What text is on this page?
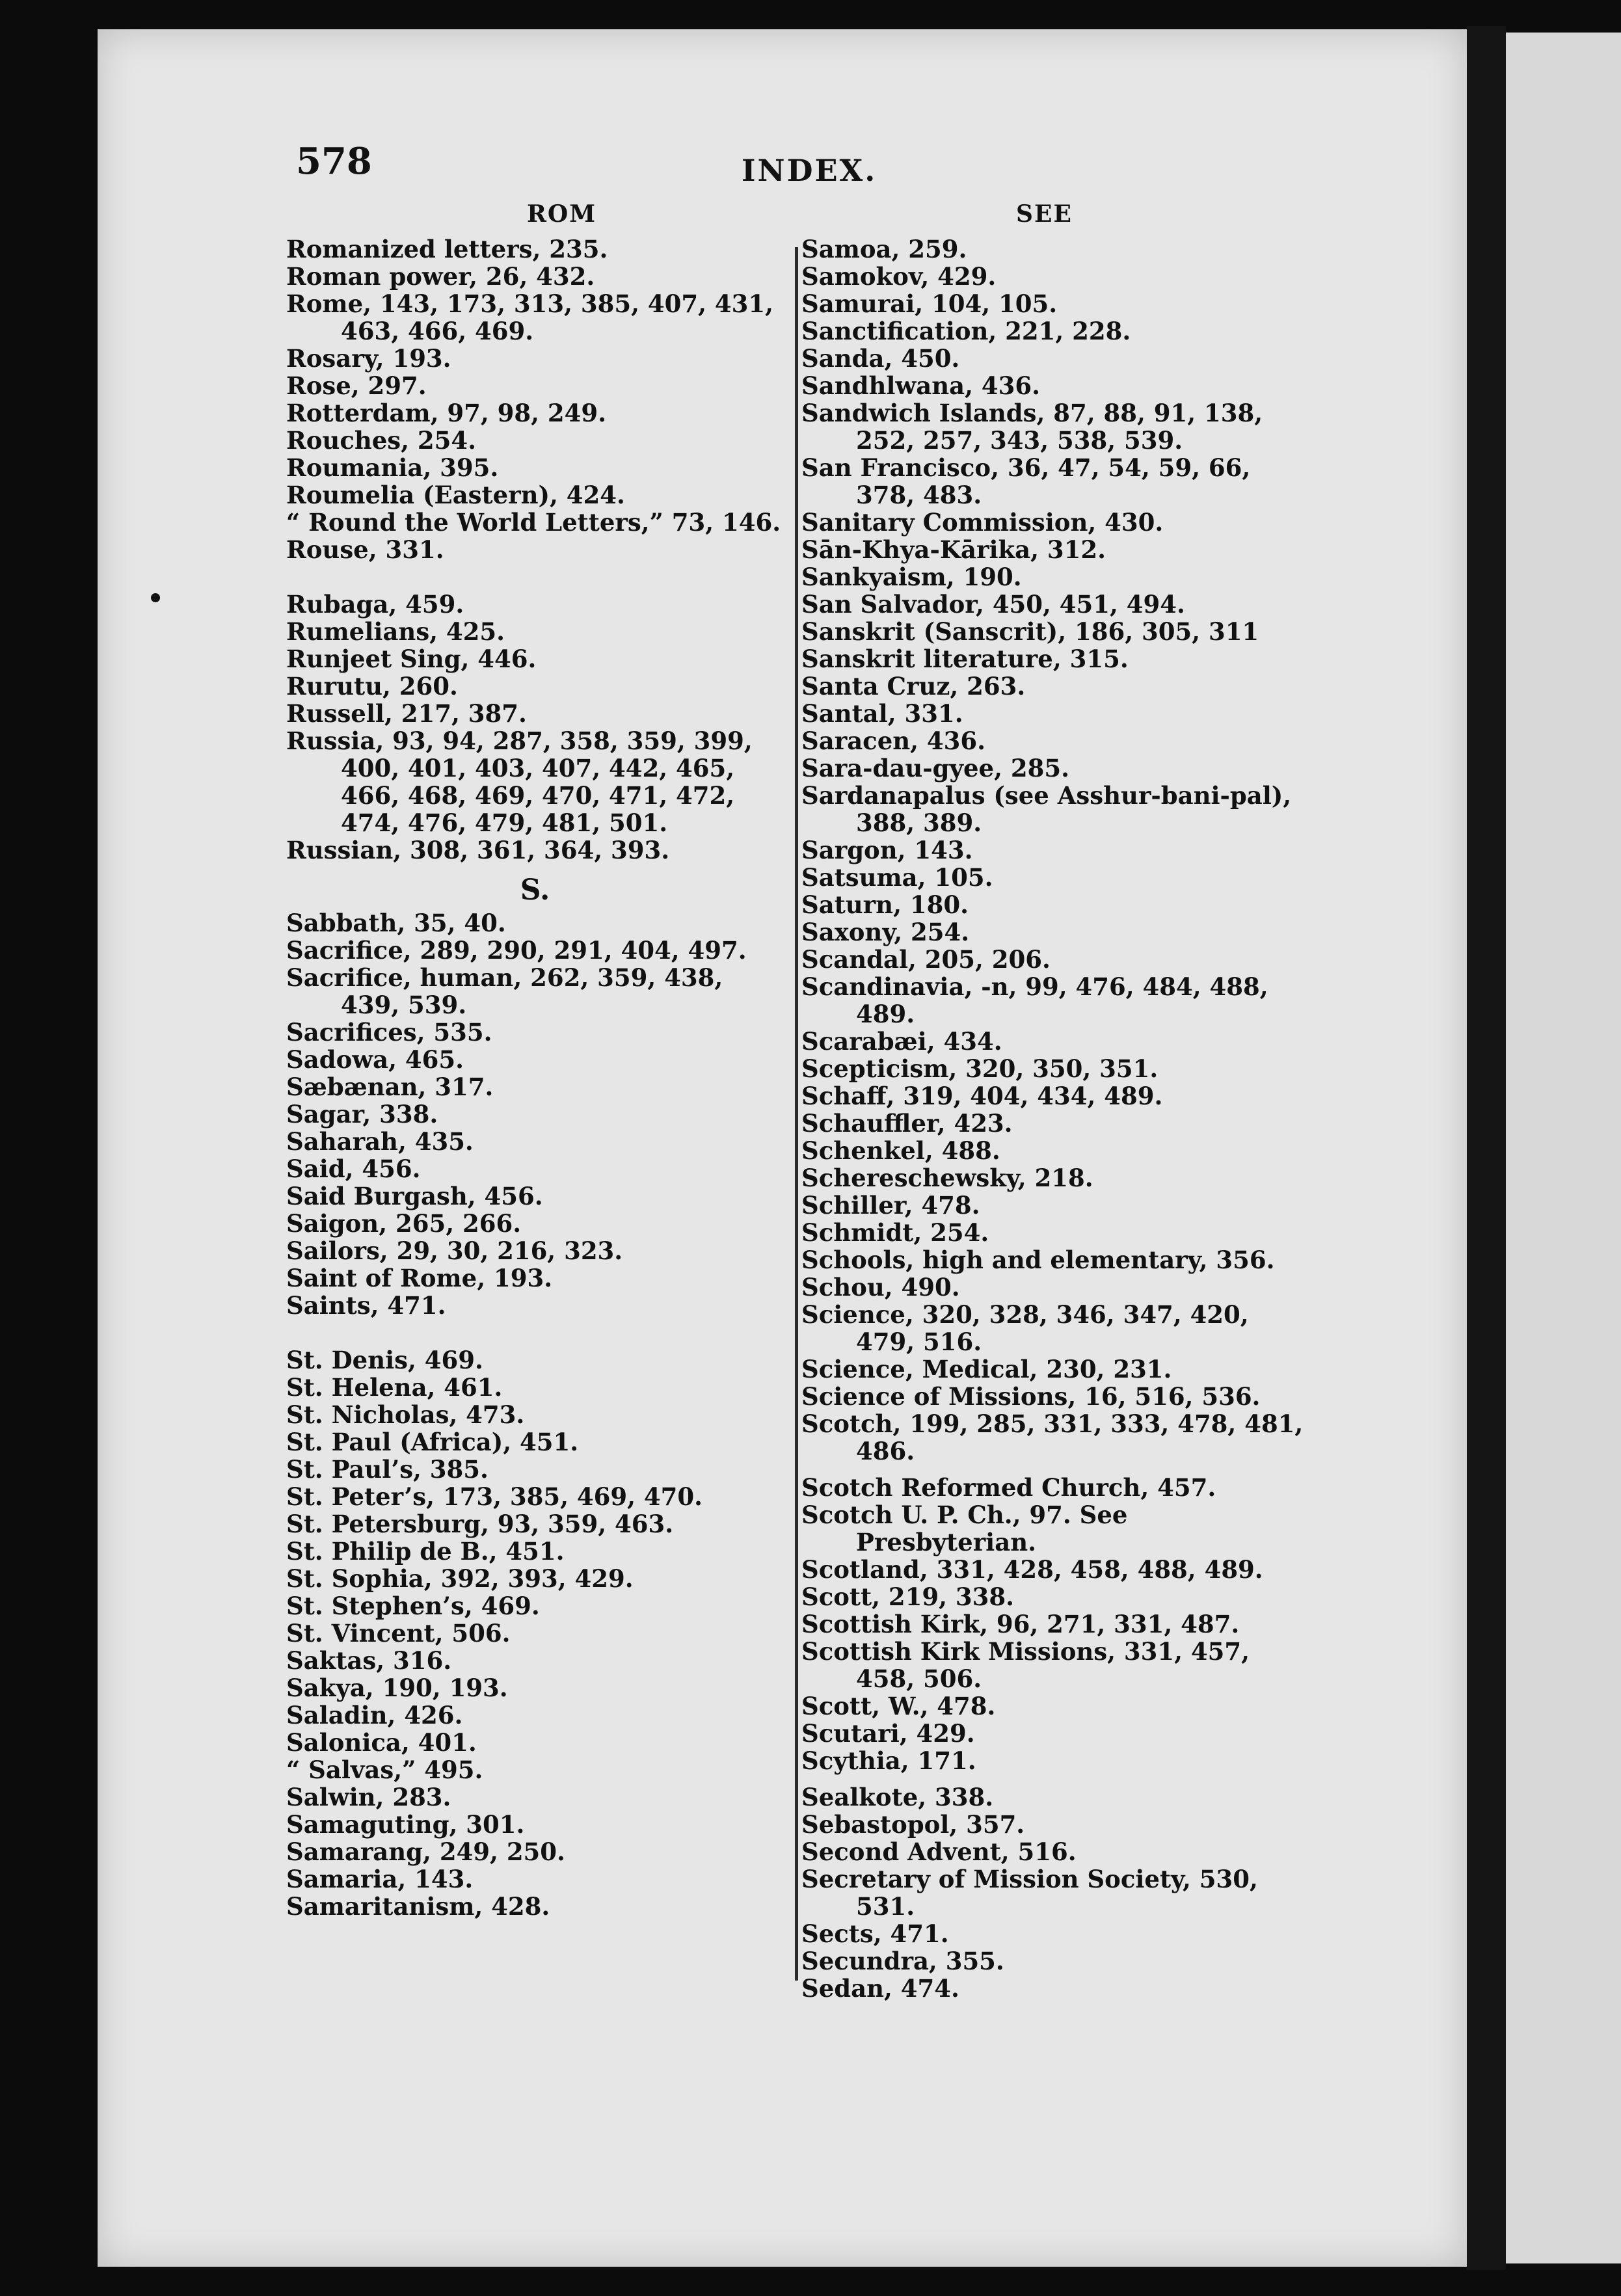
578	INDEX.
ROM	SEE
Romanized letters, 235.
Roman power, 26, 432.
Rome, 143, 173, 313, 385, 407, 431, 463, 466, 469.
Rosary, 193.
Rose, 297.
Rotterdam, 97, 98, 249.
Rouches, 254.
Roumania, 395.
Roumelia (Eastern), 424.
“ Round the World Letters,” 73, 146.
Rouse, 331.
Rubaga, 459.
Rumelians, 425.
Runjeet Sing, 446.
Rurutu, 260.
Russell, 217, 387.
Russia, 93, 94, 287, 358, 359, 399, 400, 401, 403, 407, 442, 465, 466, 468, 469, 470, 471, 472, 474, 476, 479, 481, 501.
Russian, 308, 361, 364, 393.
S.
Sabbath, 35, 40.
Sacrifice, 289, 290, 291, 404, 497.
Sacrifice, human, 262, 359, 438, 439, 539.
Sacrifices, 535.
Sadowa, 465.
Sæbænan, 317.
Sagar, 338.
Saharah, 435.
Said, 456.
Said Burgash, 456.
Saigon, 265, 266.
Sailors, 29, 30, 216, 323.
Saint of Rome, 193.
Saints, 471.
St. Denis, 469.
St. Helena, 461.
St. Nicholas, 473.
St. Paul (Africa), 451.
St. Paul’s, 385.
St. Peter’s, 173, 385, 469, 470.
St. Petersburg, 93, 359, 463.
St. Philip de B., 451.
St. Sophia, 392, 393, 429.
St. Stephen’s, 469.
St. Vincent, 506.
Saktas, 316.
Sakya, 190, 193.
Saladin, 426.
Salonica, 401.
“ Salvas,” 495.
Salwin, 283.
Samaguting, 301.
Samarang, 249, 250.
Samaria, 143.
Samaritanism, 428.
Samoa, 259.
Samokov, 429.
Samurai, 104, 105.
Sanctification, 221, 228.
Sanda, 450.
Sandhlwana, 436.
Sandwich Islands, 87, 88, 91, 138, 252, 257, 343, 538, 539.
San Francisco, 36, 47, 54, 59, 66, 378, 483.
Sanitary Commission, 430.
Sān-Khya-Kārika, 312.
Sankyaism, 190.
San Salvador, 450, 451, 494.
Sanskrit (Sanscrit), 186, 305, 311
Sanskrit literature, 315.
Santa Cruz, 263.
Santal, 331.
Saracen, 436.
Sara-dau-gyee, 285.
Sardanapalus (see Asshur-bani-pal), 388, 389.
Sargon, 143.
Satsuma, 105.
Saturn, 180.
Saxony, 254.
Scandal, 205, 206.
Scandinavia, -n, 99, 476, 484, 488, 489.
Scarabæi, 434.
Scepticism, 320, 350, 351.
Schaff, 319, 404, 434, 489.
Schauffler, 423.
Schenkel, 488.
Schereschewsky, 218.
Schiller, 478.
Schmidt, 254.
Schools, high and elementary, 356.
Schou, 490.
Science, 320, 328, 346, 347, 420, 479, 516.
Science, Medical, 230, 231.
Science of Missions, 16, 516, 536.
Scotch, 199, 285, 331, 333, 478, 481, 486.
Scotch Reformed Church, 457.
Scotch U. P. Ch., 97. See Presbyterian.
Scotland, 331, 428, 458, 488, 489.
Scott, 219, 338.
Scottish Kirk, 96, 271, 331, 487.
Scottish Kirk Missions, 331, 457, 458, 506.
Scott, W., 478.
Scutari, 429.
Scythia, 171.
Sealkote, 338.
Sebastopol, 357.
Second Advent, 516.
Secretary of Mission Society, 530, 531.
Sects, 471.
Secundra, 355.
Sedan, 474.
